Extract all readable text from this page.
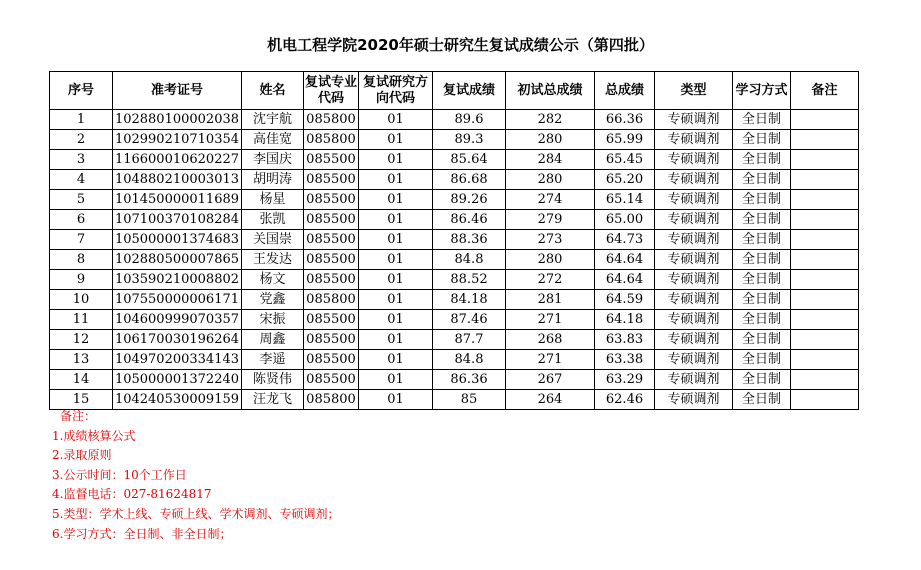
机电工程学院2020年硕士研究生复试成绩公示（第四批）
序号	准考证号	姓名	复试专业代码	复试研究方向代码	复试成绩	初试总成绩	总成绩	类型	学习方式	备注
1	102880100002038	沈宇航	085800	01	89.6	282	66.36	专硕调剂	全日制	
2	102990210710354	高佳宽	085800	01	89.3	280	65.99	专硕调剂	全日制	
3	116600010620227	李国庆	085500	01	85.64	284	65.45	专硕调剂	全日制	
4	104880210003013	胡明涛	085500	01	86.68	280	65.20	专硕调剂	全日制	
5	101450000011689	杨星	085500	01	89.26	274	65.14	专硕调剂	全日制	
6	107100370108284	张凯	085500	01	86.46	279	65.00	专硕调剂	全日制	
7	105000001374683	关国崇	085500	01	88.36	273	64.73	专硕调剂	全日制	
8	102880500007865	王发达	085500	01	84.8	280	64.64	专硕调剂	全日制	
9	103590210008802	杨文	085500	01	88.52	272	64.64	专硕调剂	全日制	
10	107550000006171	党鑫	085800	01	84.18	281	64.59	专硕调剂	全日制	
11	104600999070357	宋振	085500	01	87.46	271	64.18	专硕调剂	全日制	
12	106170030196264	周鑫	085500	01	87.7	268	63.83	专硕调剂	全日制	
13	104970200334143	李遥	085500	01	84.8	271	63.38	专硕调剂	全日制	
14	105000001372240	陈贤伟	085500	01	86.36	267	63.29	专硕调剂	全日制	
15	104240530009159	汪龙飞	085800	01	85	264	62.46	专硕调剂	全日制	
备注：
1.成绩核算公式
2.录取原则
3.公示时间：10个工作日
4.监督电话：027-81624817
5.类型：学术上线、专硕上线、学术调剂、专硕调剂；
6.学习方式：全日制、非全日制；
